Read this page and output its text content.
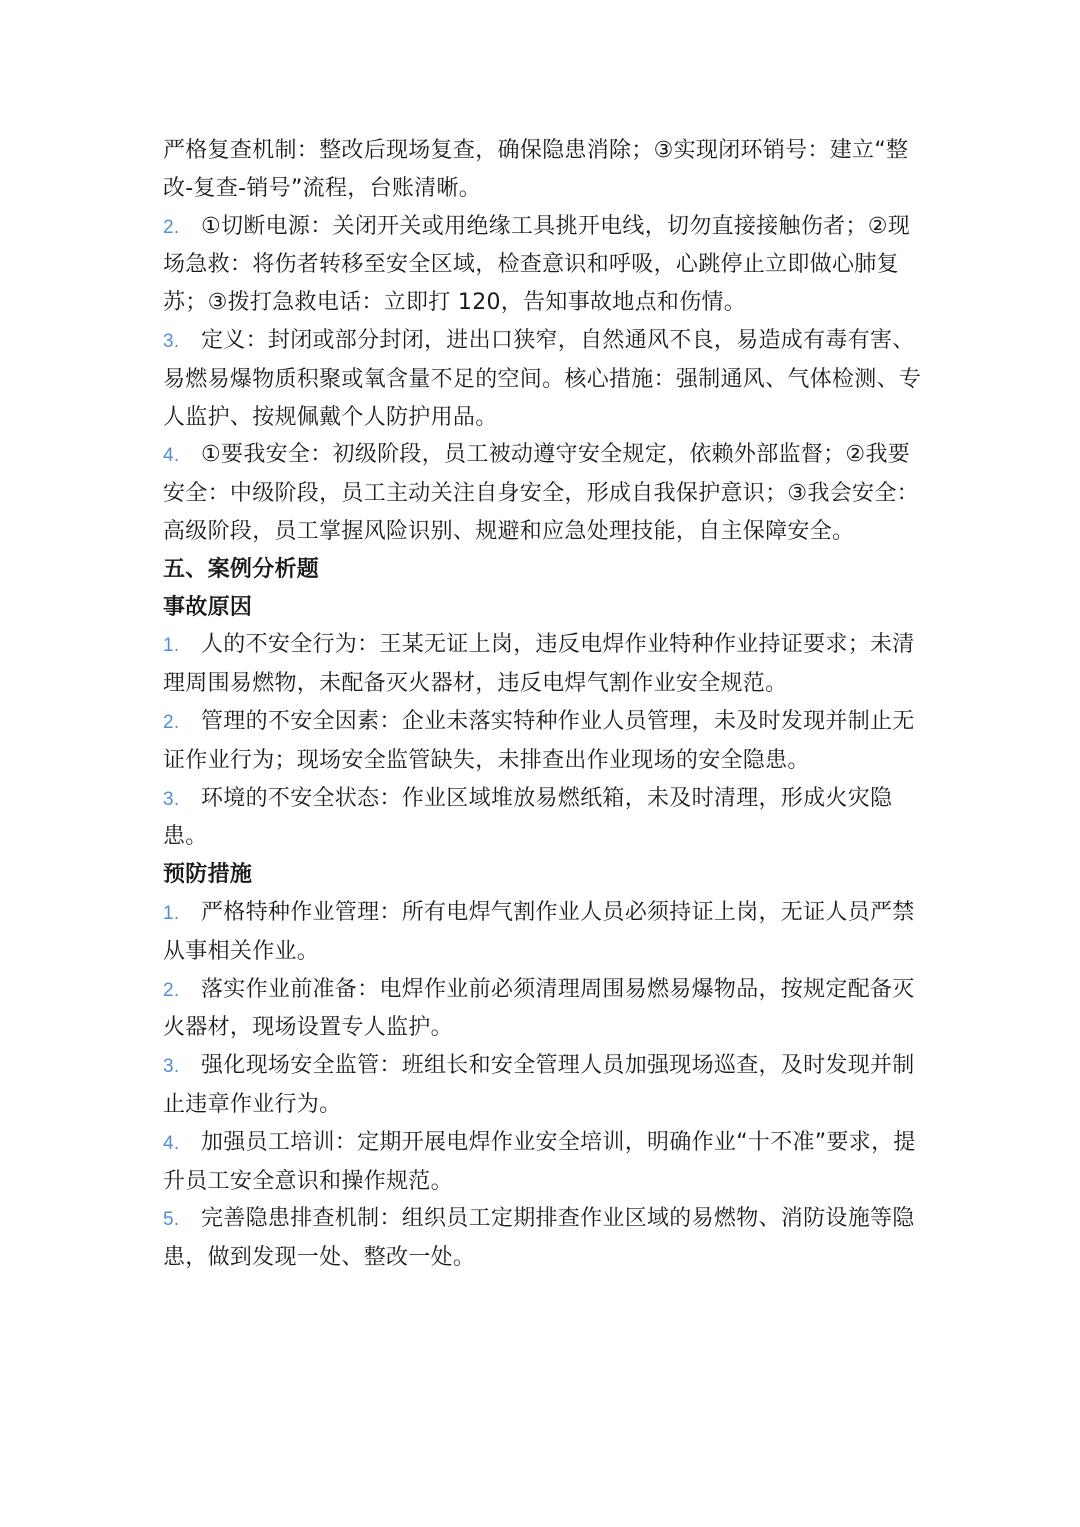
严格复查机制：整改后现场复查，确保隐患消除；③实现闭环销号：建立“整改-复查-销号”流程，台账清晰。

2. ①切断电源：关闭开关或用绝缘工具挑开电线，切勿直接接触伤者；②现场急救：将伤者转移至安全区域，检查意识和呼吸，心跳停止立即做心肺复苏；③拨打急救电话：立即打 120，告知事故地点和伤情。

3. 定义：封闭或部分封闭，进出口狭窄，自然通风不良，易造成有毒有害、易燃易爆物质积聚或氧含量不足的空间。核心措施：强制通风、气体检测、专人监护、按规佩戴个人防护用品。

4. ①要我安全：初级阶段，员工被动遵守安全规定，依赖外部监督；②我要安全：中级阶段，员工主动关注自身安全，形成自我保护意识；③我会安全：高级阶段，员工掌握风险识别、规避和应急处理技能，自主保障安全。

五、案例分析题

事故原因

1. 人的不安全行为：王某无证上岗，违反电焊作业特种作业持证要求；未清理周围易燃物，未配备灭火器材，违反电焊气割作业安全规范。

2. 管理的不安全因素：企业未落实特种作业人员管理，未及时发现并制止无证作业行为；现场安全监管缺失，未排查出作业现场的安全隐患。

3. 环境的不安全状态：作业区域堆放易燃纸箱，未及时清理，形成火灾隐患。

预防措施

1. 严格特种作业管理：所有电焊气割作业人员必须持证上岗，无证人员严禁从事相关作业。

2. 落实作业前准备：电焊作业前必须清理周围易燃易爆物品，按规定配备灭火器材，现场设置专人监护。

3. 强化现场安全监管：班组长和安全管理人员加强现场巡查，及时发现并制止违章作业行为。

4. 加强员工培训：定期开展电焊作业安全培训，明确作业“十不准”要求，提升员工安全意识和操作规范。

5. 完善隐患排查机制：组织员工定期排查作业区域的易燃物、消防设施等隐患，做到发现一处、整改一处。
